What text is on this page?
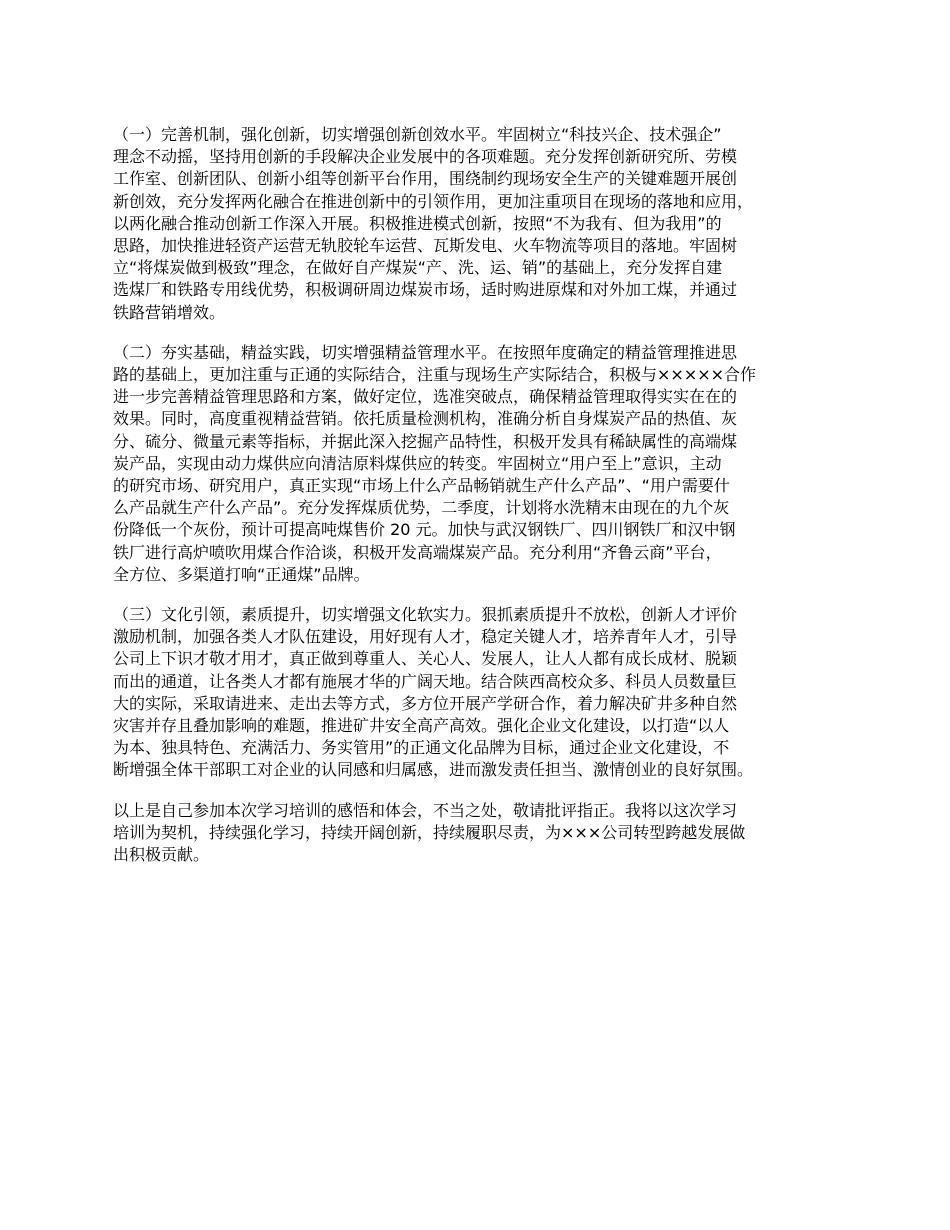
（一）完善机制，强化创新，切实增强创新创效水平。牢固树立“科技兴企、技术强企”
理念不动摇，坚持用创新的手段解决企业发展中的各项难题。充分发挥创新研究所、劳模
工作室、创新团队、创新小组等创新平台作用，围绕制约现场安全生产的关键难题开展创
新创效，充分发挥两化融合在推进创新中的引领作用，更加注重项目在现场的落地和应用，
以两化融合推动创新工作深入开展。积极推进模式创新，按照“不为我有、但为我用”的
思路，加快推进轻资产运营无轨胶轮车运营、瓦斯发电、火车物流等项目的落地。牢固树
立“将煤炭做到极致”理念，在做好自产煤炭“产、洗、运、销”的基础上，充分发挥自建
选煤厂和铁路专用线优势，积极调研周边煤炭市场，适时购进原煤和对外加工煤，并通过
铁路营销增效。

（二）夯实基础，精益实践，切实增强精益管理水平。在按照年度确定的精益管理推进思
路的基础上，更加注重与正通的实际结合，注重与现场生产实际结合，积极与×××××合作
进一步完善精益管理思路和方案，做好定位，选准突破点，确保精益管理取得实实在在的
效果。同时，高度重视精益营销。依托质量检测机构，准确分析自身煤炭产品的热值、灰
分、硫分、微量元素等指标，并据此深入挖掘产品特性，积极开发具有稀缺属性的高端煤
炭产品，实现由动力煤供应向清洁原料煤供应的转变。牢固树立“用户至上”意识，主动
的研究市场、研究用户，真正实现“市场上什么产品畅销就生产什么产品”、“用户需要什
么产品就生产什么产品”。充分发挥煤质优势，二季度，计划将水洗精末由现在的九个灰
份降低一个灰份，预计可提高吨煤售价 20 元。加快与武汉钢铁厂、四川钢铁厂和汉中钢
铁厂进行高炉喷吹用煤合作洽谈，积极开发高端煤炭产品。充分利用“齐鲁云商”平台，
全方位、多渠道打响“正通煤”品牌。

（三）文化引领，素质提升，切实增强文化软实力。狠抓素质提升不放松，创新人才评价
激励机制，加强各类人才队伍建设，用好现有人才，稳定关键人才，培养青年人才，引导
公司上下识才敬才用才，真正做到尊重人、关心人、发展人，让人人都有成长成材、脱颖
而出的通道，让各类人才都有施展才华的广阔天地。结合陕西高校众多、科员人员数量巨
大的实际，采取请进来、走出去等方式，多方位开展产学研合作，着力解决矿井多种自然
灾害并存且叠加影响的难题，推进矿井安全高产高效。强化企业文化建设，以打造“以人
为本、独具特色、充满活力、务实管用”的正通文化品牌为目标，通过企业文化建设，不
断增强全体干部职工对企业的认同感和归属感，进而激发责任担当、激情创业的良好氛围。

以上是自己参加本次学习培训的感悟和体会，不当之处，敬请批评指正。我将以这次学习
培训为契机，持续强化学习，持续开阔创新，持续履职尽责，为×××公司转型跨越发展做
出积极贡献。
